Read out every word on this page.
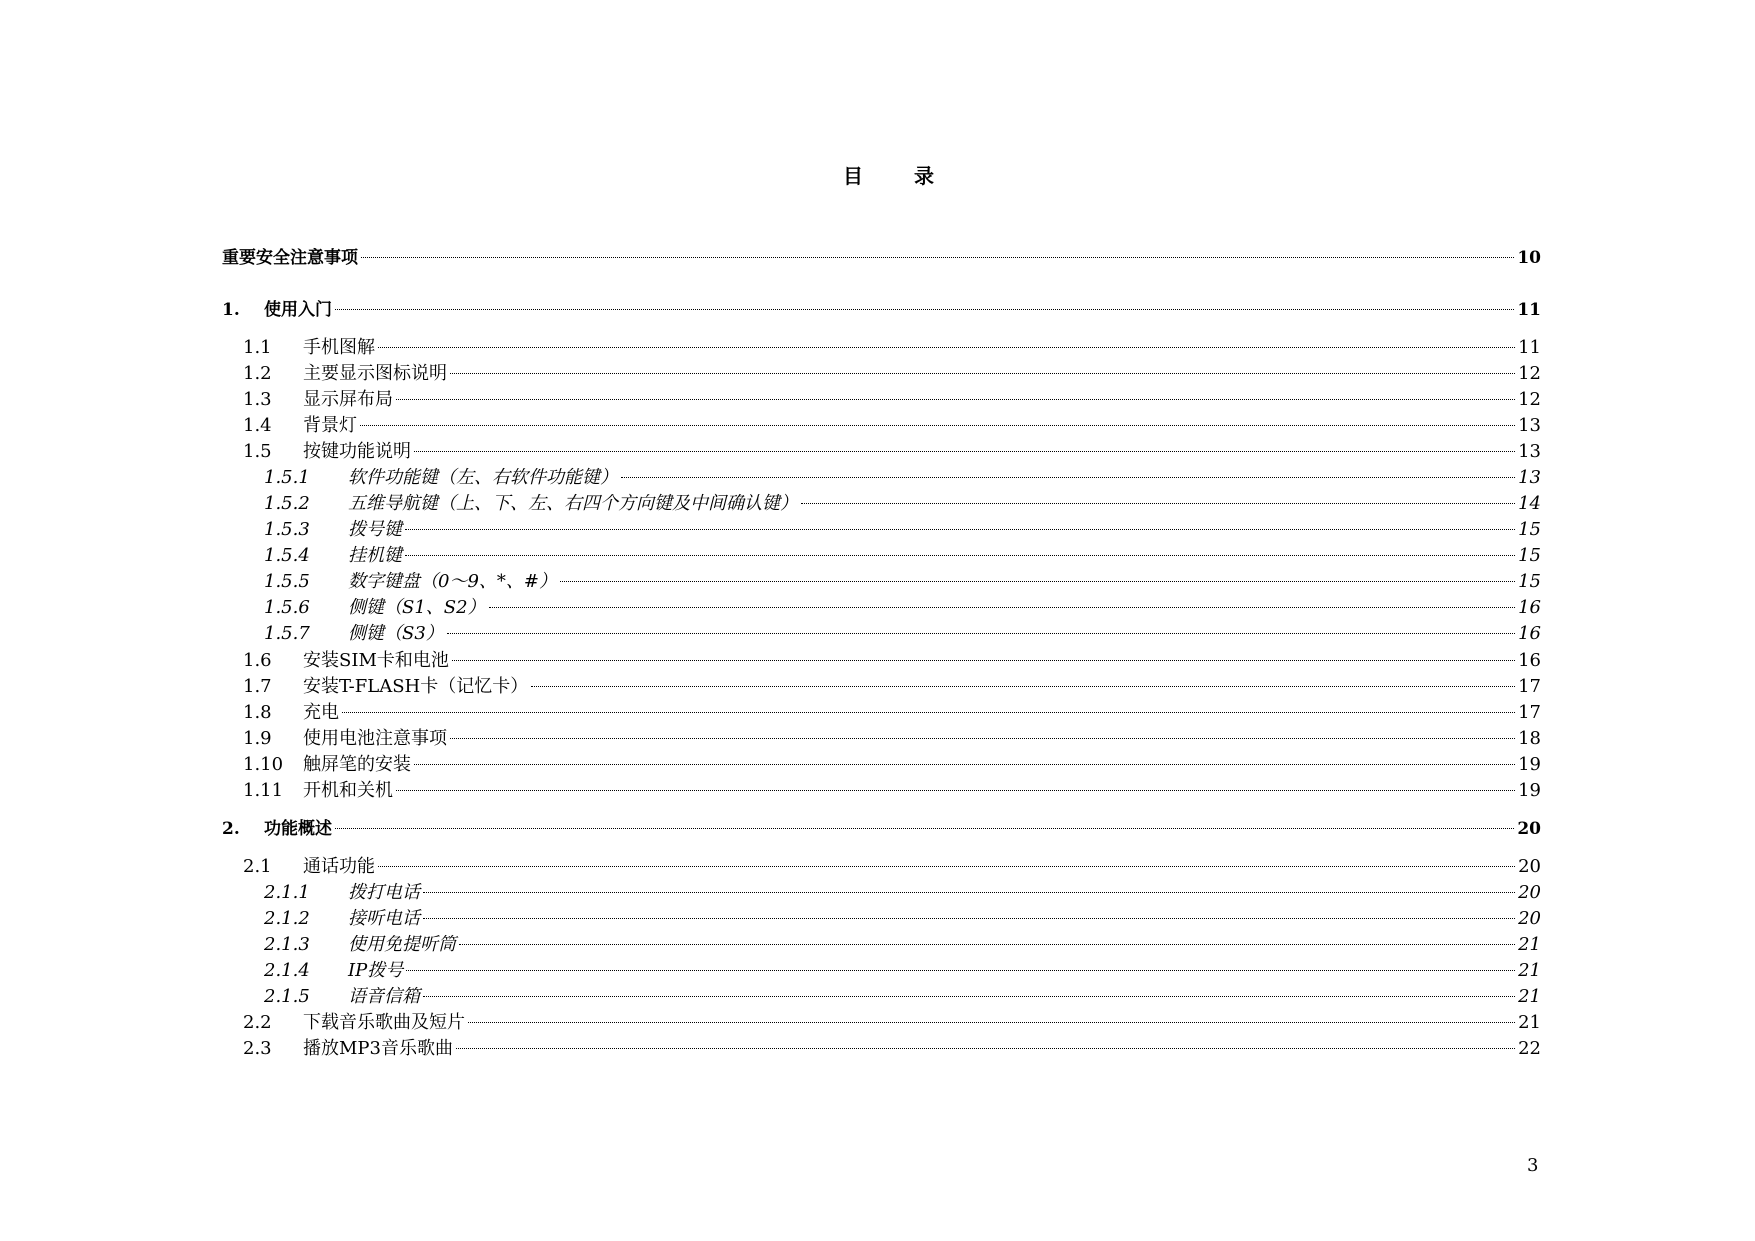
目 录
重要安全注意事项	10
1.	使用入门	11
1.1	手机图解	11
1.2	主要显示图标说明	12
1.3	显示屏布局	12
1.4	背景灯	13
1.5	按键功能说明	13
1.5.1	软件功能键（左、右软件功能键）	13
1.5.2	五维导航键（上、下、左、右四个方向键及中间确认键）	14
1.5.3	拨号键	15
1.5.4	挂机键	15
1.5.5	数字键盘（0～9、*、#）	15
1.5.6	侧键（S1、S2）	16
1.5.7	侧键（S3）	16
1.6	安装SIM卡和电池	16
1.7	安装T-FLASH卡（记忆卡）	17
1.8	充电	17
1.9	使用电池注意事项	18
1.10	触屏笔的安装	19
1.11	开机和关机	19
2.	功能概述	20
2.1	通话功能	20
2.1.1	拨打电话	20
2.1.2	接听电话	20
2.1.3	使用免提听筒	21
2.1.4	IP拨号	21
2.1.5	语音信箱	21
2.2	下载音乐歌曲及短片	21
2.3	播放MP3音乐歌曲	22
3
